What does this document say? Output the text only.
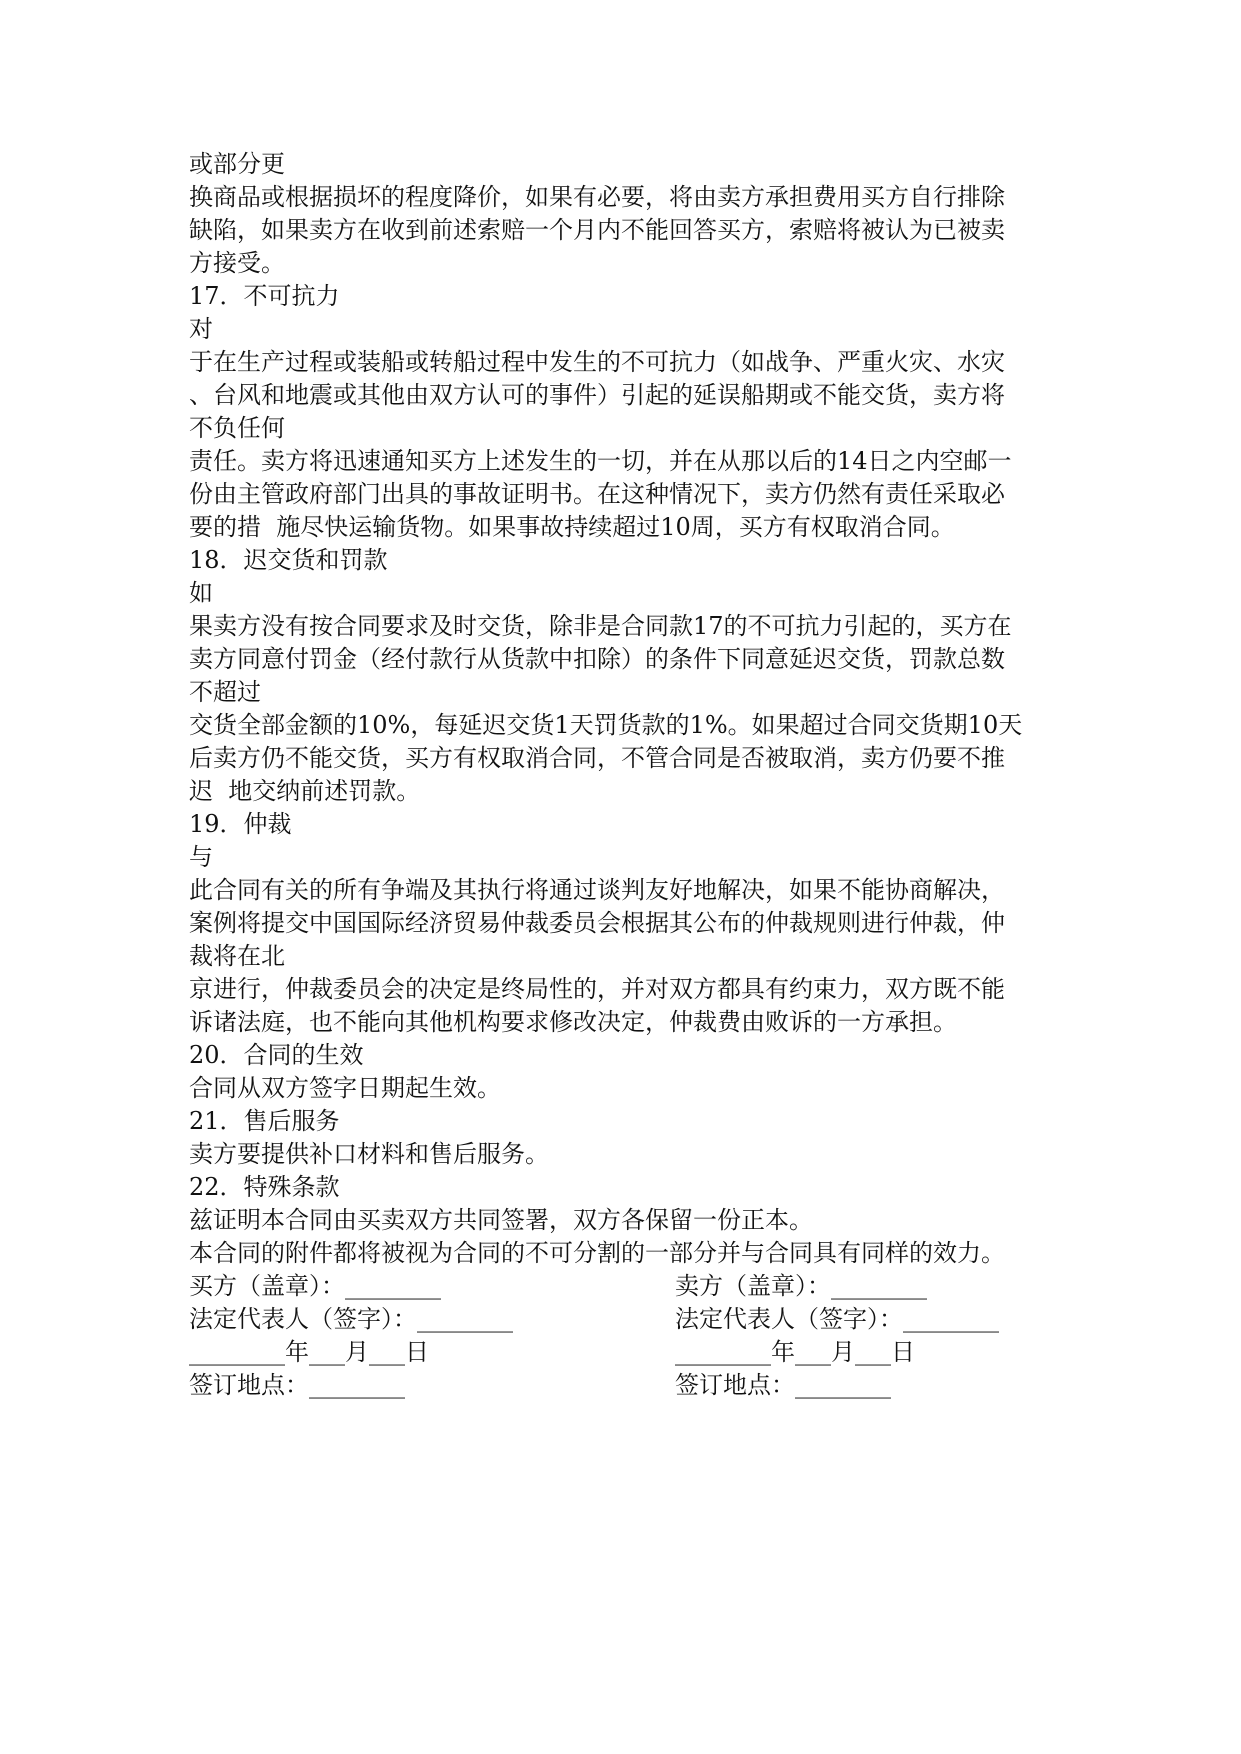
或部分更
换商品或根据损坏的程度降价，如果有必要，将由卖方承担费用买方自行排除
缺陷，如果卖方在收到前述索赔一个月内不能回答买方，索赔将被认为已被卖
方接受。
17．不可抗力
对
于在生产过程或装船或转船过程中发生的不可抗力（如战争、严重火灾、水灾
、台风和地震或其他由双方认可的事件）引起的延误船期或不能交货，卖方将
不负任何
责任。卖方将迅速通知买方上述发生的一切，并在从那以后的14日之内空邮一
份由主管政府部门出具的事故证明书。在这种情况下，卖方仍然有责任采取必
要的措  施尽快运输货物。如果事故持续超过10周，买方有权取消合同。
18．迟交货和罚款
如
果卖方没有按合同要求及时交货，除非是合同款17的不可抗力引起的，买方在
卖方同意付罚金（经付款行从货款中扣除）的条件下同意延迟交货，罚款总数
不超过
交货全部金额的10%，每延迟交货1天罚货款的1%。如果超过合同交货期10天
后卖方仍不能交货，买方有权取消合同，不管合同是否被取消，卖方仍要不推
迟  地交纳前述罚款。
19．仲裁
与
此合同有关的所有争端及其执行将通过谈判友好地解决，如果不能协商解决，
案例将提交中国国际经济贸易仲裁委员会根据其公布的仲裁规则进行仲裁，仲
裁将在北
京进行，仲裁委员会的决定是终局性的，并对双方都具有约束力，双方既不能
诉诸法庭，也不能向其他机构要求修改决定，仲裁费由败诉的一方承担。
20．合同的生效
合同从双方签字日期起生效。
21．售后服务
卖方要提供补口材料和售后服务。
22．特殊条款
兹证明本合同由买卖双方共同签署，双方各保留一份正本。
本合同的附件都将被视为合同的不可分割的一部分并与合同具有同样的效力。

买方（盖章）：________

	卖方（盖章）：________

法定代表人（签字）：________

	法定代表人（签字）：________

________年___月___日

	________年___月___日

签订地点：________

	签订地点：________
